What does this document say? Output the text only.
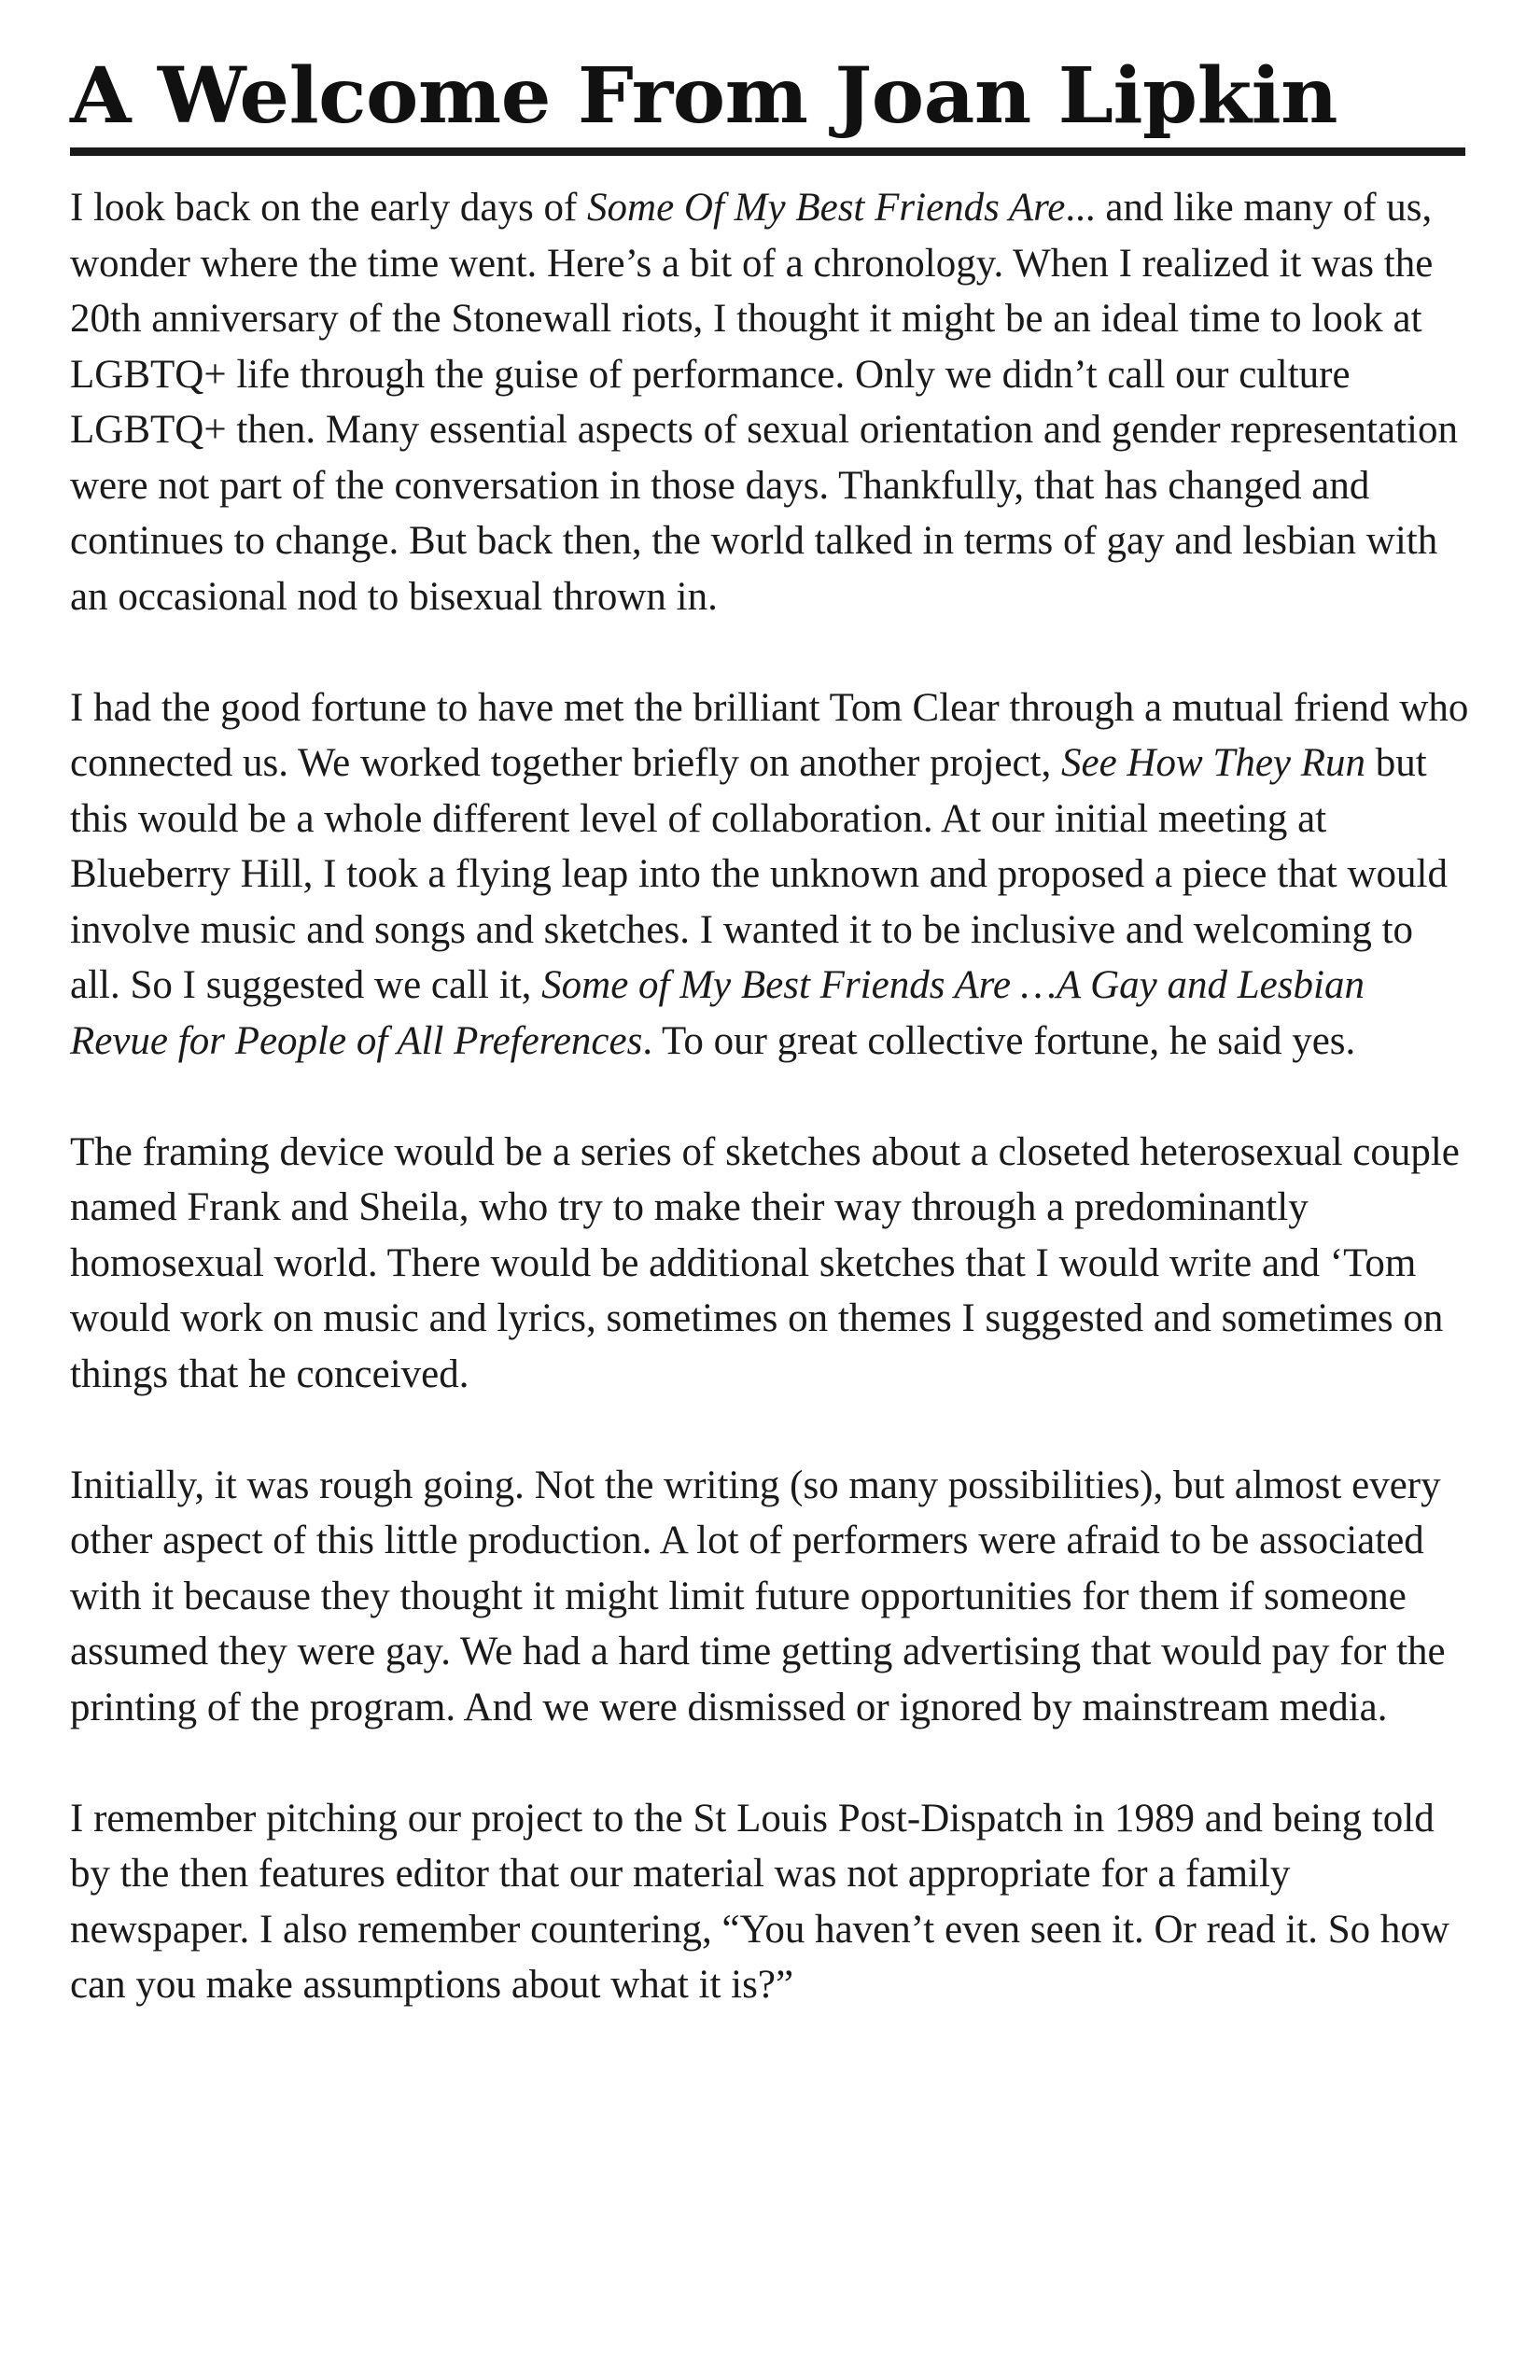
A Welcome From Joan Lipkin

I look back on the early days of Some Of My Best Friends Are... and like many of us, wonder where the time went. Here’s a bit of a chronology. When I realized it was the 20th anniversary of the Stonewall riots, I thought it might be an ideal time to look at LGBTQ+ life through the guise of performance. Only we didn’t call our culture LGBTQ+ then. Many essential aspects of sexual orientation and gender representation were not part of the conversation in those days. Thankfully, that has changed and continues to change. But back then, the world talked in terms of gay and lesbian with an occasional nod to bisexual thrown in.

I had the good fortune to have met the brilliant Tom Clear through a mutual friend who connected us. We worked together briefly on another project, See How They Run but this would be a whole different level of collaboration. At our initial meeting at Blueberry Hill, I took a flying leap into the unknown and proposed a piece that would involve music and songs and sketches. I wanted it to be inclusive and welcoming to all. So I suggested we call it, Some of My Best Friends Are …A Gay and Lesbian Revue for People of All Preferences. To our great collective fortune, he said yes.

The framing device would be a series of sketches about a closeted heterosexual couple named Frank and Sheila, who try to make their way through a predominantly homosexual world. There would be additional sketches that I would write and ‘Tom would work on music and lyrics, sometimes on themes I suggested and sometimes on things that he conceived.

Initially, it was rough going. Not the writing (so many possibilities), but almost every other aspect of this little production. A lot of performers were afraid to be associated with it because they thought it might limit future opportunities for them if someone assumed they were gay. We had a hard time getting advertising that would pay for the printing of the program. And we were dismissed or ignored by mainstream media.

I remember pitching our project to the St Louis Post-Dispatch in 1989 and being told by the then features editor that our material was not appropriate for a family newspaper. I also remember countering, “You haven’t even seen it. Or read it. So how can you make assumptions about what it is?”
